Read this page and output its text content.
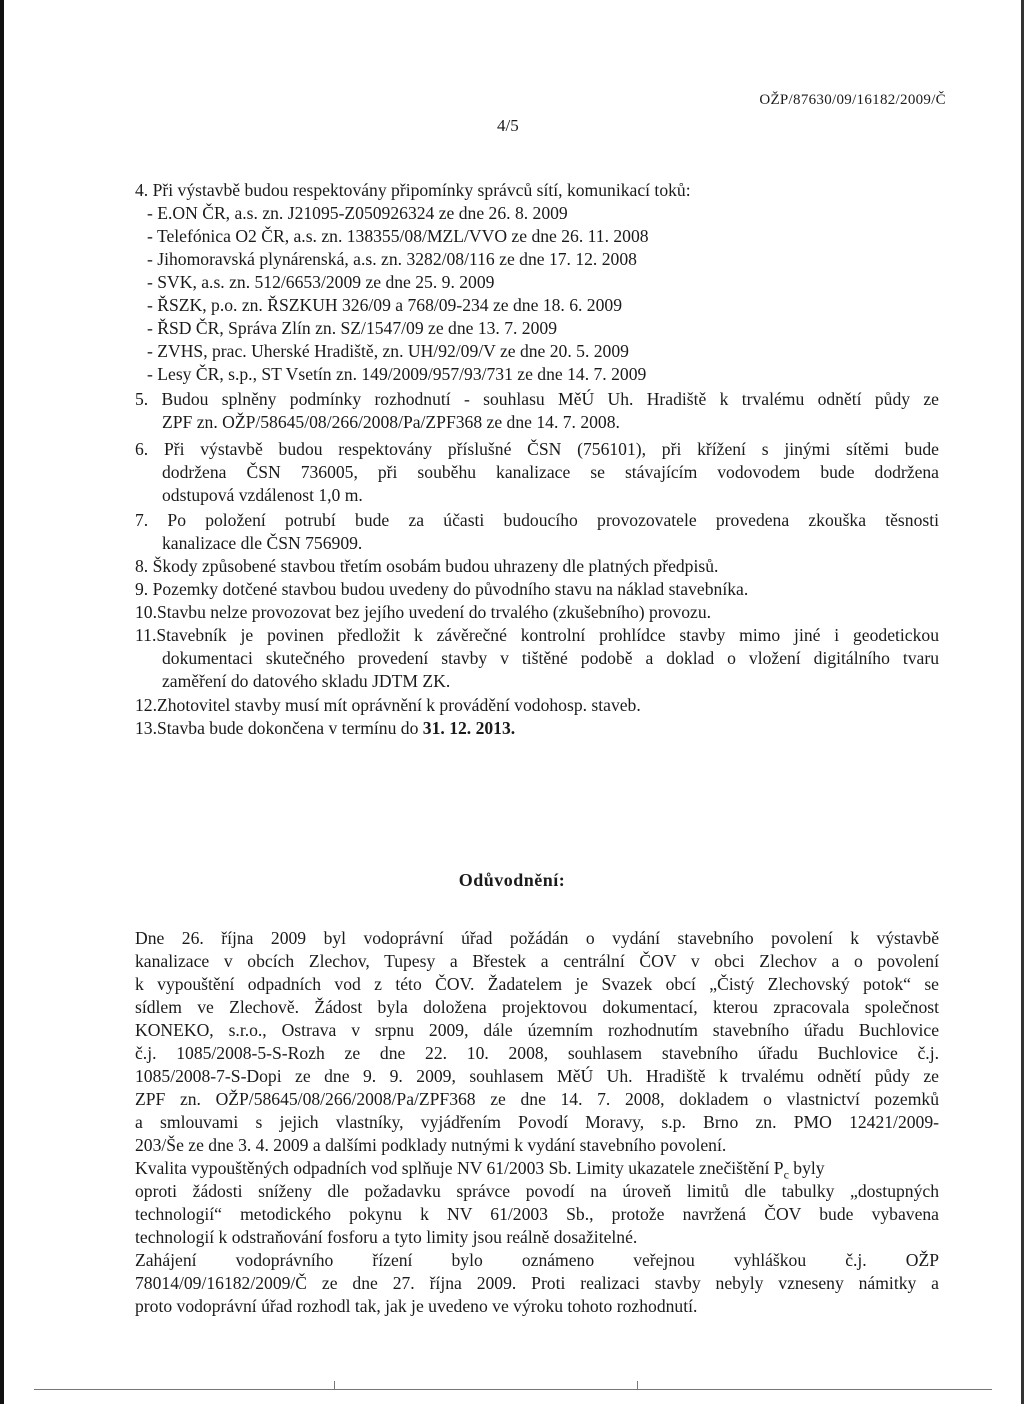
OŽP/87630/09/16182/2009/Č
4/5
4. Při výstavbě budou respektovány připomínky správců sítí, komunikací toků:
- E.ON ČR, a.s. zn. J21095-Z050926324 ze dne 26. 8. 2009
- Telefónica O2 ČR, a.s. zn. 138355/08/MZL/VVO ze dne 26. 11. 2008
- Jihomoravská plynárenská, a.s. zn. 3282/08/116 ze dne 17. 12. 2008
- SVK, a.s. zn. 512/6653/2009 ze dne 25. 9. 2009
- ŘSZK, p.o. zn. ŘSZKUH 326/09 a 768/09-234 ze dne 18. 6. 2009
- ŘSD ČR, Správa Zlín zn. SZ/1547/09 ze dne 13. 7. 2009
- ZVHS, prac. Uherské Hradiště, zn. UH/92/09/V ze dne 20. 5. 2009
- Lesy ČR, s.p., ST Vsetín zn. 149/2009/957/93/731 ze dne 14. 7. 2009
5. Budou splněny podmínky rozhodnutí - souhlasu MěÚ Uh. Hradiště k trvalému odnětí půdy ze
ZPF zn. OŽP/58645/08/266/2008/Pa/ZPF368 ze dne 14. 7. 2008.
6. Při výstavbě budou respektovány příslušné ČSN (756101), při křížení s jinými sítěmi bude
dodržena ČSN 736005, při souběhu kanalizace se stávajícím vodovodem bude dodržena
odstupová vzdálenost 1,0 m.
7. Po položení potrubí bude za účasti budoucího provozovatele provedena zkouška těsnosti
kanalizace dle ČSN 756909.
8. Škody způsobené stavbou třetím osobám budou uhrazeny dle platných předpisů.
9. Pozemky dotčené stavbou budou uvedeny do původního stavu na náklad stavebníka.
10.Stavbu nelze provozovat bez jejího uvedení do trvalého (zkušebního) provozu.
11.Stavebník je povinen předložit k závěrečné kontrolní prohlídce stavby mimo jiné i geodetickou
dokumentaci skutečného provedení stavby v tištěné podobě a doklad o vložení digitálního tvaru
zaměření do datového skladu JDTM ZK.
12.Zhotovitel stavby musí mít oprávnění k provádění vodohosp. staveb.
13.Stavba bude dokončena v termínu do 31. 12. 2013.
Odůvodnění:
Dne 26. října 2009 byl vodoprávní úřad požádán o vydání stavebního povolení k výstavbě
kanalizace v obcích Zlechov, Tupesy a Břestek a centrální ČOV v obci Zlechov a o povolení
k vypouštění odpadních vod z této ČOV. Žadatelem je Svazek obcí „Čistý Zlechovský potok“ se
sídlem ve Zlechově. Žádost byla doložena projektovou dokumentací, kterou zpracovala společnost
KONEKO, s.r.o., Ostrava v srpnu 2009, dále územním rozhodnutím stavebního úřadu Buchlovice
č.j. 1085/2008-5-S-Rozh ze dne 22. 10. 2008, souhlasem stavebního úřadu Buchlovice č.j.
1085/2008-7-S-Dopi ze dne 9. 9. 2009, souhlasem MěÚ Uh. Hradiště k trvalému odnětí půdy ze
ZPF zn. OŽP/58645/08/266/2008/Pa/ZPF368 ze dne 14. 7. 2008, dokladem o vlastnictví pozemků
a smlouvami s jejich vlastníky, vyjádřením Povodí Moravy, s.p. Brno zn. PMO 12421/2009-
203/Še ze dne 3. 4. 2009 a dalšími podklady nutnými k vydání stavebního povolení.
Kvalita vypouštěných odpadních vod splňuje NV 61/2003 Sb. Limity ukazatele znečištění $P_c$ byly
oproti žádosti sníženy dle požadavku správce povodí na úroveň limitů dle tabulky „dostupných
technologií“ metodického pokynu k NV 61/2003 Sb., protože navržená ČOV bude vybavena
technologií k odstraňování fosforu a tyto limity jsou reálně dosažitelné.
Zahájení vodoprávního řízení bylo oznámeno veřejnou vyhláškou č.j. OŽP
78014/09/16182/2009/Č ze dne 27. října 2009. Proti realizaci stavby nebyly vzneseny námitky a
proto vodoprávní úřad rozhodl tak, jak je uvedeno ve výroku tohoto rozhodnutí.
